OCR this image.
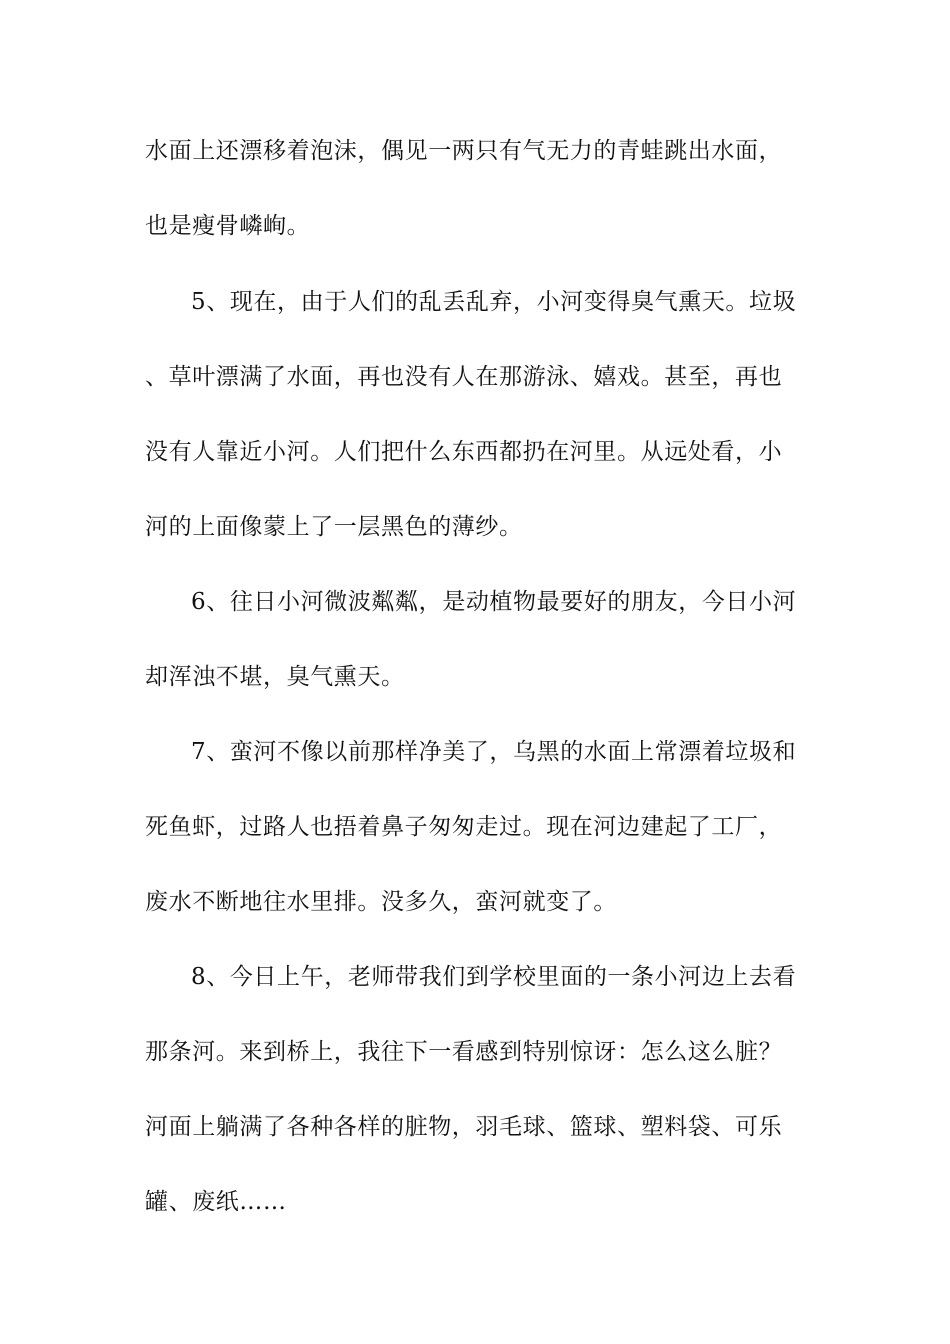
水面上还漂移着泡沫，偶见一两只有气无力的青蛙跳出水面，
也是瘦骨嶙峋。
5、现在，由于人们的乱丢乱弃，小河变得臭气熏天。垃圾
、草叶漂满了水面，再也没有人在那游泳、嬉戏。甚至，再也
没有人靠近小河。人们把什么东西都扔在河里。从远处看，小
河的上面像蒙上了一层黑色的薄纱。
6、往日小河微波粼粼，是动植物最要好的朋友，今日小河
却浑浊不堪，臭气熏天。
7、蛮河不像以前那样净美了，乌黑的水面上常漂着垃圾和
死鱼虾，过路人也捂着鼻子匆匆走过。现在河边建起了工厂，
废水不断地往水里排。没多久，蛮河就变了。
8、今日上午，老师带我们到学校里面的一条小河边上去看
那条河。来到桥上，我往下一看感到特别惊讶：怎么这么脏？
河面上躺满了各种各样的脏物，羽毛球、篮球、塑料袋、可乐
罐、废纸……
